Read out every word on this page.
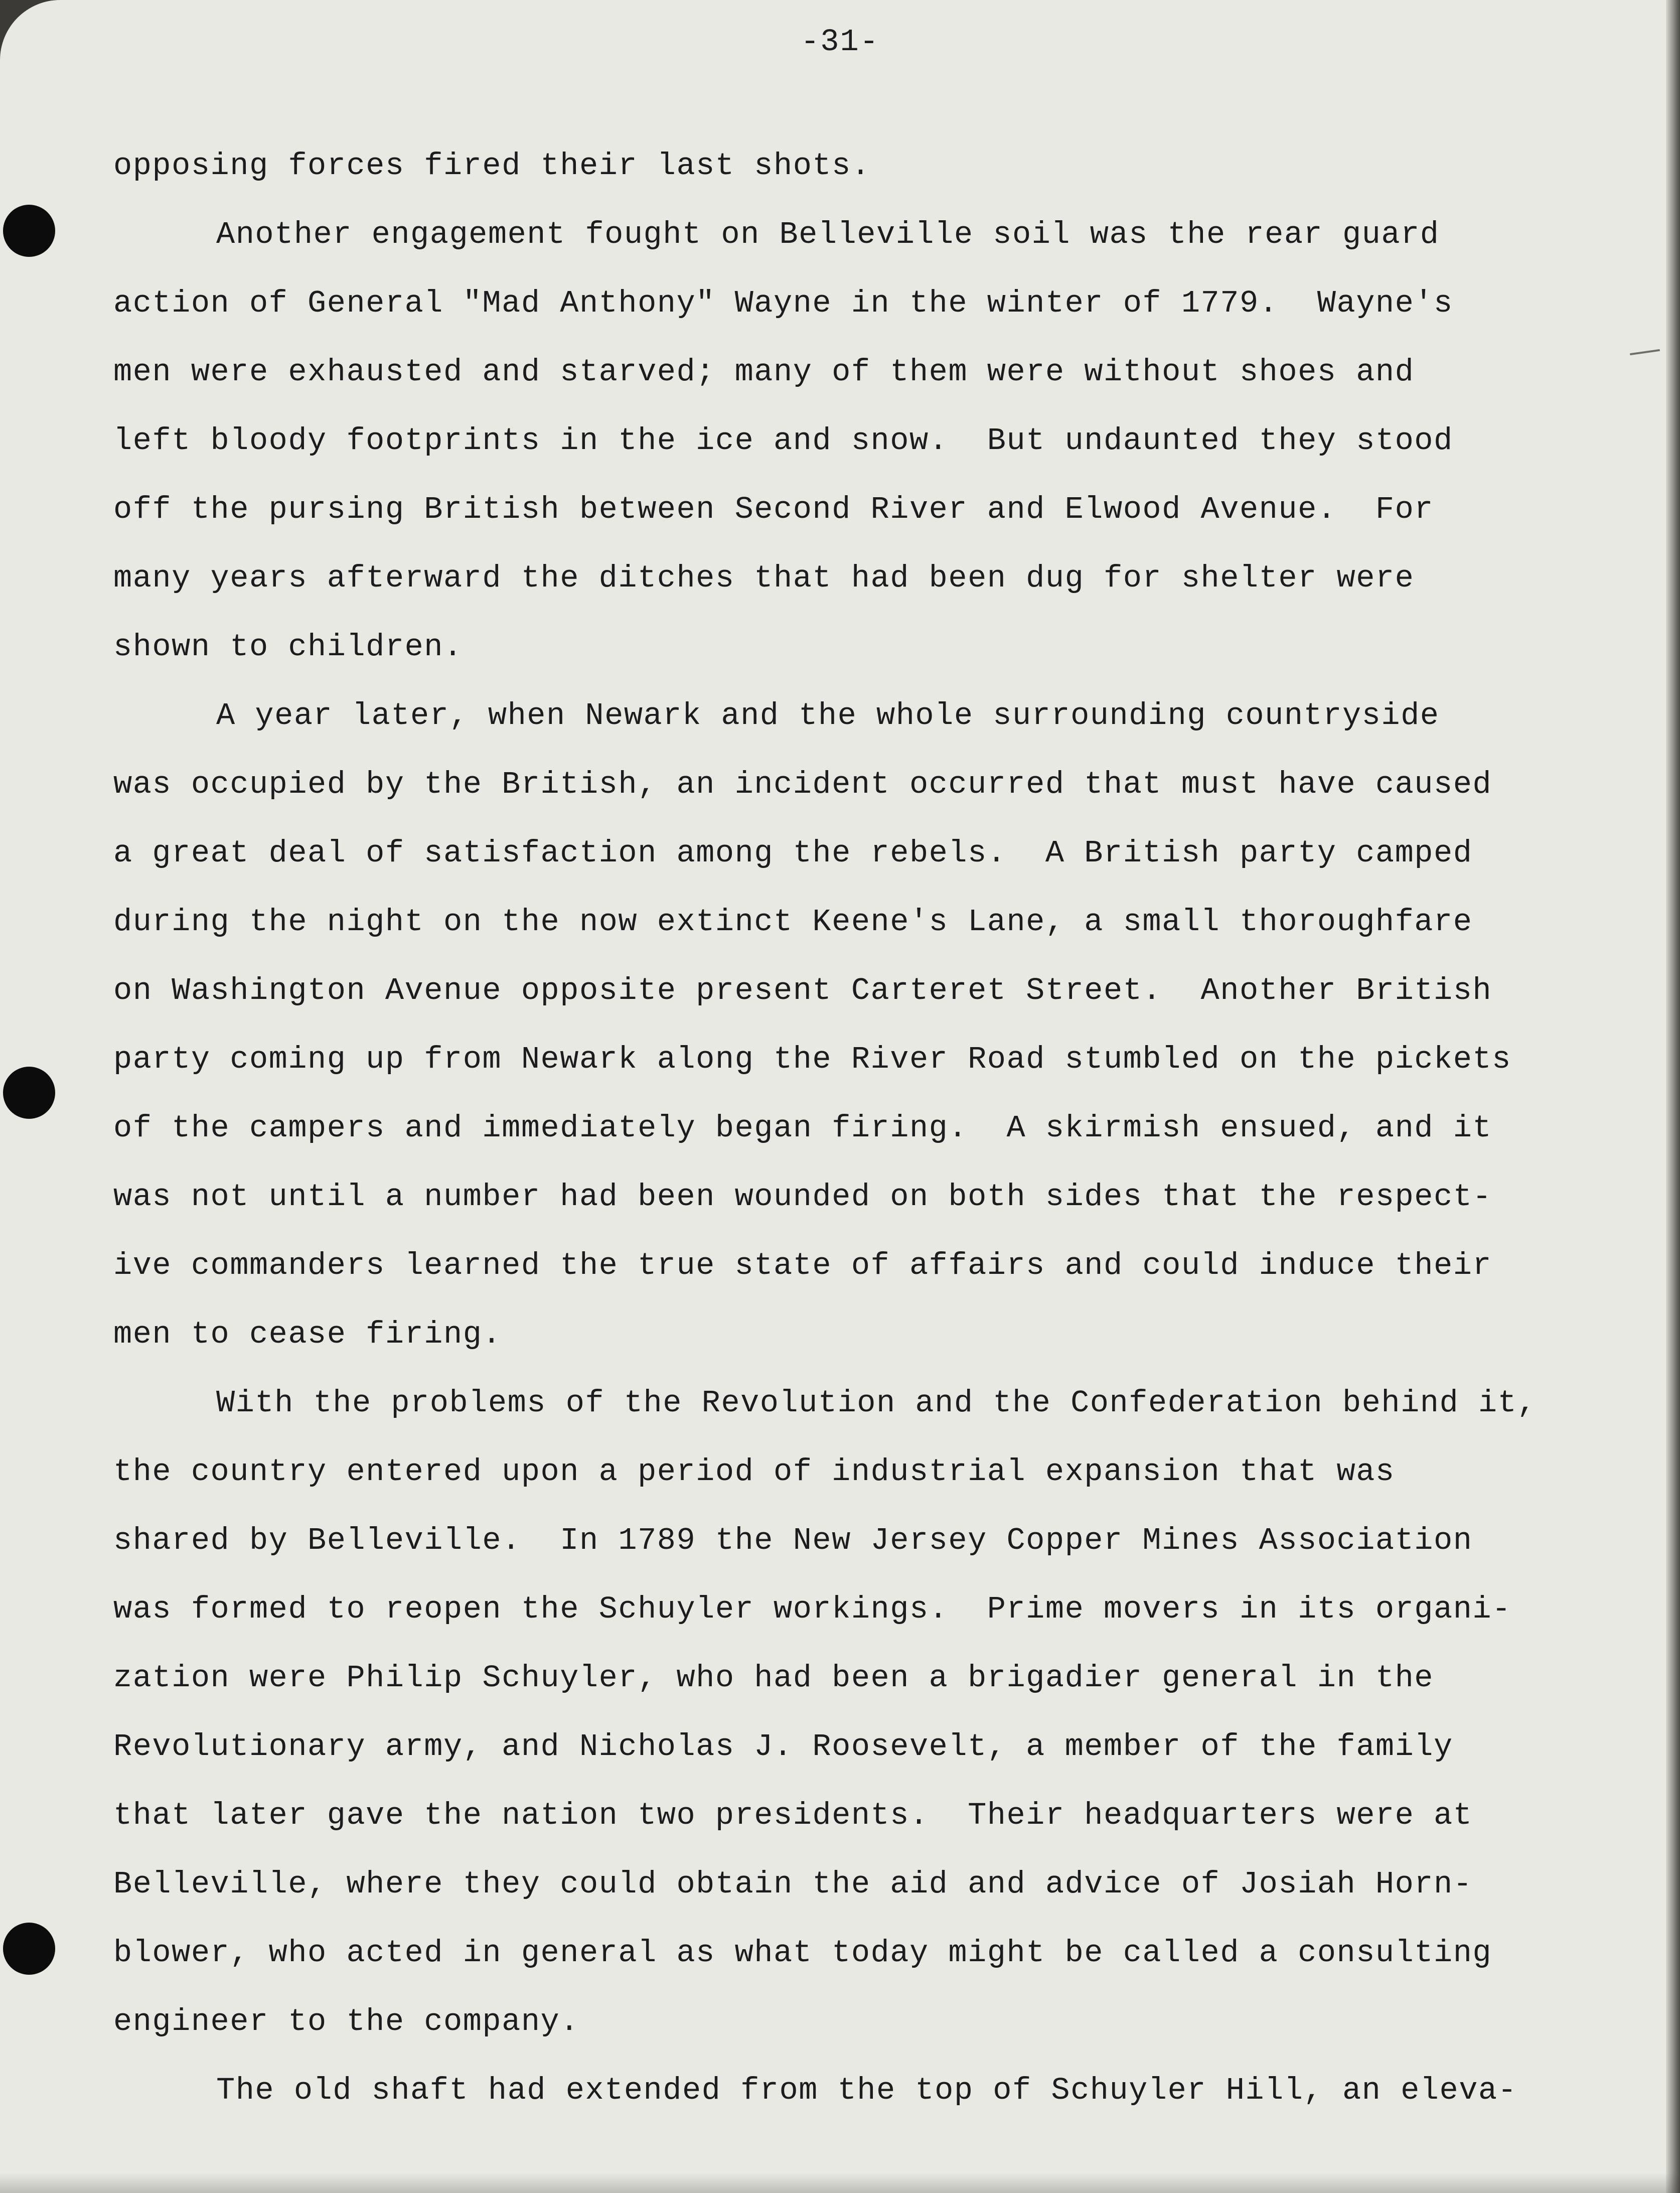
-31-
opposing forces fired their last shots.
Another engagement fought on Belleville soil was the rear guard
action of General "Mad Anthony" Wayne in the winter of 1779.  Wayne's
men were exhausted and starved; many of them were without shoes and
left bloody footprints in the ice and snow.  But undaunted they stood
off the pursing British between Second River and Elwood Avenue.  For
many years afterward the ditches that had been dug for shelter were
shown to children.
A year later, when Newark and the whole surrounding countryside
was occupied by the British, an incident occurred that must have caused
a great deal of satisfaction among the rebels.  A British party camped
during the night on the now extinct Keene's Lane, a small thoroughfare
on Washington Avenue opposite present Carteret Street.  Another British
party coming up from Newark along the River Road stumbled on the pickets
of the campers and immediately began firing.  A skirmish ensued, and it
was not until a number had been wounded on both sides that the respect-
ive commanders learned the true state of affairs and could induce their
men to cease firing.
With the problems of the Revolution and the Confederation behind it,
the country entered upon a period of industrial expansion that was
shared by Belleville.  In 1789 the New Jersey Copper Mines Association
was formed to reopen the Schuyler workings.  Prime movers in its organi-
zation were Philip Schuyler, who had been a brigadier general in the
Revolutionary army, and Nicholas J. Roosevelt, a member of the family
that later gave the nation two presidents.  Their headquarters were at
Belleville, where they could obtain the aid and advice of Josiah Horn-
blower, who acted in general as what today might be called a consulting
engineer to the company.
The old shaft had extended from the top of Schuyler Hill, an eleva-
